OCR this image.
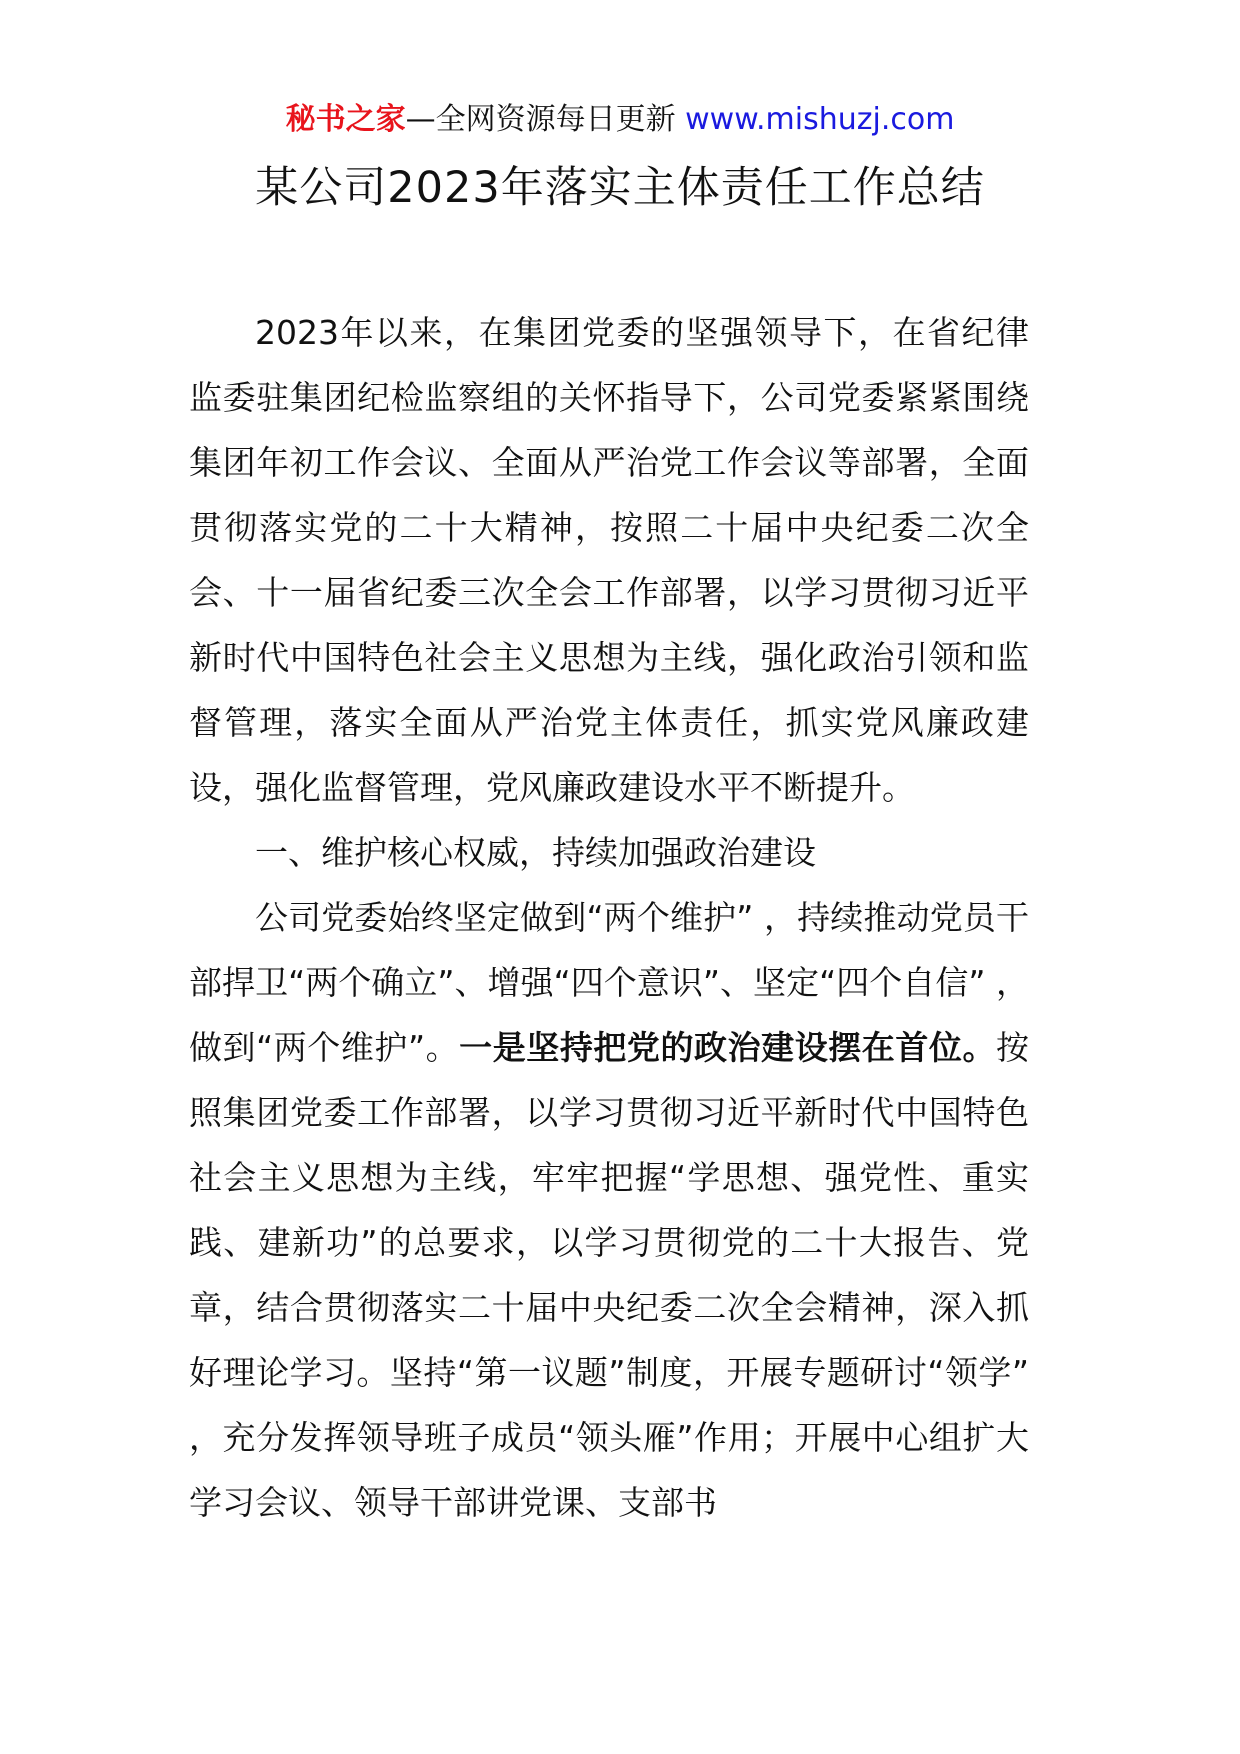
秘书之家—全网资源每日更新 www.mishuzj.com
某公司2023年落实主体责任工作总结

2023年以来，在集团党委的坚强领导下，在省纪律监委驻集团纪检监察组的关怀指导下，公司党委紧紧围绕集团年初工作会议、全面从严治党工作会议等部署，全面贯彻落实党的二十大精神，按照二十届中央纪委二次全会、十一届省纪委三次全会工作部署，以学习贯彻习近平新时代中国特色社会主义思想为主线，强化政治引领和监督管理，落实全面从严治党主体责任，抓实党风廉政建设，强化监督管理，党风廉政建设水平不断提升。

一、维护核心权威，持续加强政治建设

公司党委始终坚定做到“两个维护” ，持续推动党员干部捍卫“两个确立”、增强“四个意识”、坚定“四个自信” ，做到“两个维护”。一是坚持把党的政治建设摆在首位。按照集团党委工作部署，以学习贯彻习近平新时代中国特色社会主义思想为主线，牢牢把握“学思想、强党性、重实践、建新功”的总要求，以学习贯彻党的二十大报告、党章，结合贯彻落实二十届中央纪委二次全会精神，深入抓好理论学习。坚持“第一议题”制度，开展专题研讨“领学” ，充分发挥领导班子成员“领头雁”作用；开展中心组扩大学习会议、领导干部讲党课、支部书
